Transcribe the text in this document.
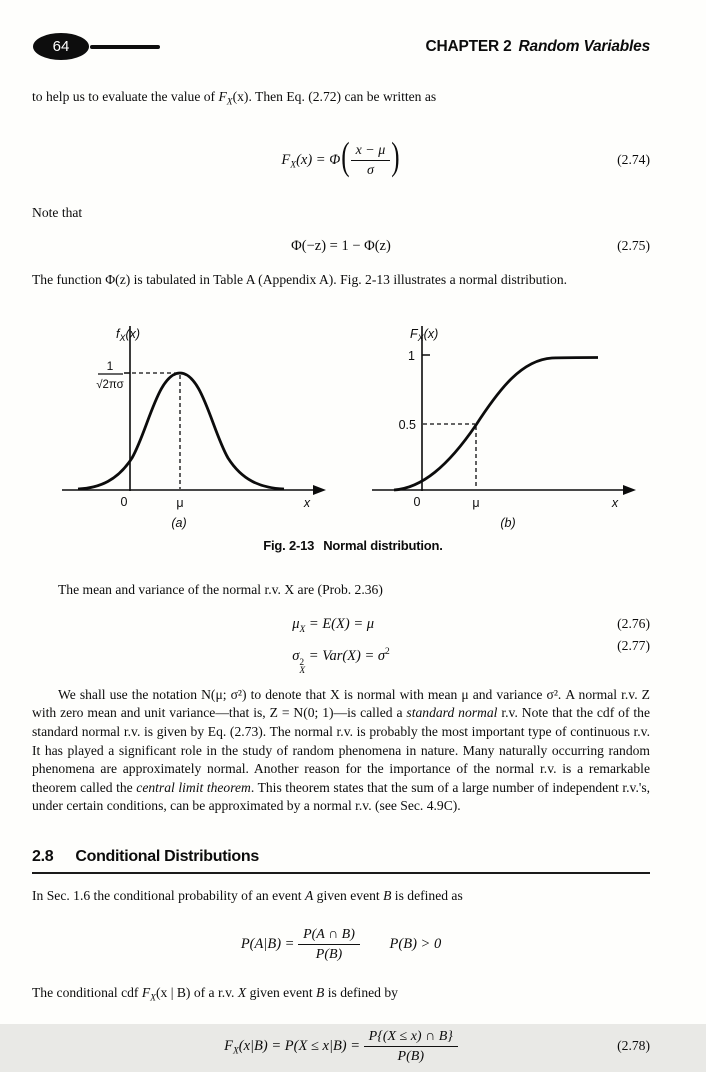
64	CHAPTER 2 Random Variables

to help us to evaluate the value of $F_X(x)$. Then Eq. (2.72) can be written as

$F_X(x) = \Phi( \frac{x - \mu}{\sigma}$ )	(2.74)

Note that

Φ(−z) = 1 − Φ(z)	(2.75)

The function Φ(z) is tabulated in Table A (Appendix A). Fig. 2-13 illustrates a normal distribution.

$f_X(x)$
1
√2πσ
0	μ	x
(a)
$F_X(x)$
1
0.5
0	μ	x
(b)
Fig. 2-13 Normal distribution.

The mean and variance of the normal r.v. X are (Prob. 2.36)

$\mu_X = E(X) = \mu$
σ 2
X
= $Var(X) = \sigma^2$
(2.76)
(2.77)

We shall use the notation N(μ; σ²) to denote that X is normal with mean μ and variance σ². A normal r.v. Z with zero mean and unit variance—that is, Z = N(0; 1)—is called a standard normal r.v. Note that the cdf of the standard normal r.v. is given by Eq. (2.73). The normal r.v. is probably the most important type of continuous r.v. It has played a significant role in the study of random phenomena in nature. Many naturally occurring random phenomena are approximately normal. Another reason for the importance of the normal r.v. is a remarkable theorem called the central limit theorem. This theorem states that the sum of a large number of independent r.v.'s, under certain conditions, can be approximated by a normal r.v. (see Sec. 4.9C).

2.8 Conditional Distributions

In Sec. 1.6 the conditional probability of an event A given event B is defined as

$P(A|B) = \frac{P(A \cap B)}{P(B)} P(B) > 0$

The conditional cdf $F_X(x$ | B) of a r.v. X given event B is defined by

$F_X(x|B) = P(X \le x|B) = \frac{P\{(X \le x) \cap B\}}{P(B)}$	(2.78)
